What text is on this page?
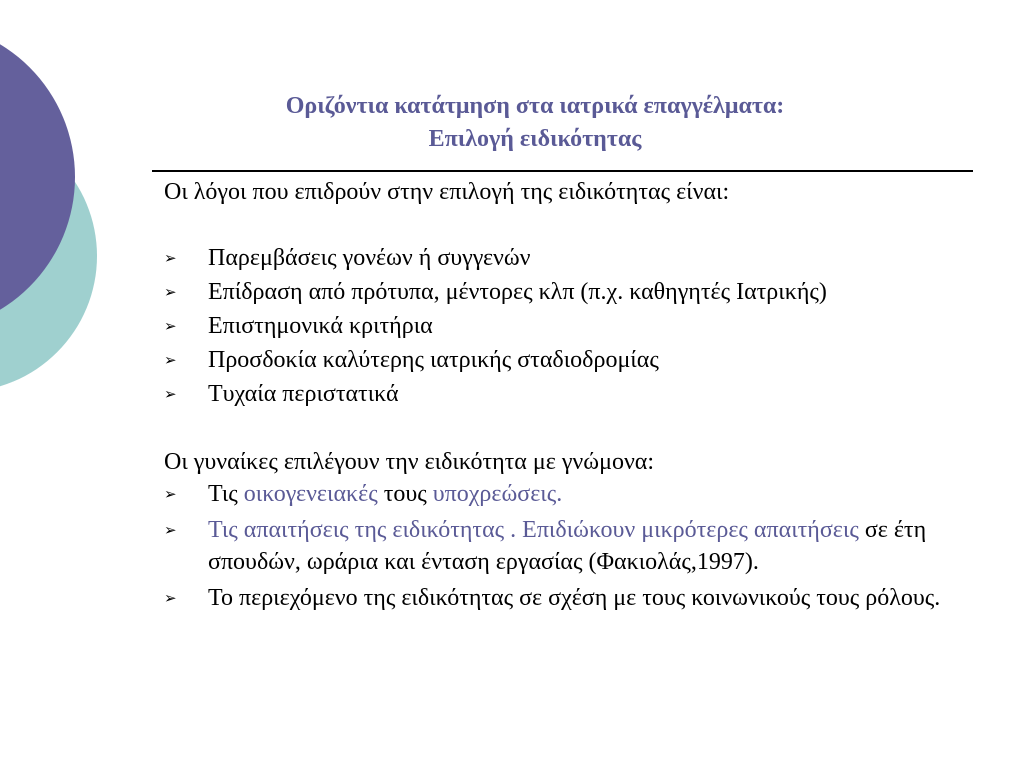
Οριζόντια κατάτμηση στα ιατρικά επαγγέλματα:
Επιλογή ειδικότητας

Οι λόγοι που επιδρούν στην επιλογή της ειδικότητας είναι:

➢ Παρεμβάσεις γονέων ή συγγενών
➢ Επίδραση από πρότυπα, μέντορες κλπ (π.χ. καθηγητές Ιατρικής)
➢ Επιστημονικά κριτήρια
➢ Προσδοκία καλύτερης ιατρικής σταδιοδρομίας
➢ Τυχαία περιστατικά

Οι γυναίκες επιλέγουν την ειδικότητα με γνώμονα:

➢ Τις οικογενειακές τους υποχρεώσεις.
➢ Τις απαιτήσεις της ειδικότητας . Επιδιώκουν μικρότερες απαιτήσεις σε έτη σπουδών, ωράρια και ένταση εργασίας (Φακιολάς,1997).
➢ Το περιεχόμενο της ειδικότητας σε σχέση με τους κοινωνικούς τους ρόλους.
